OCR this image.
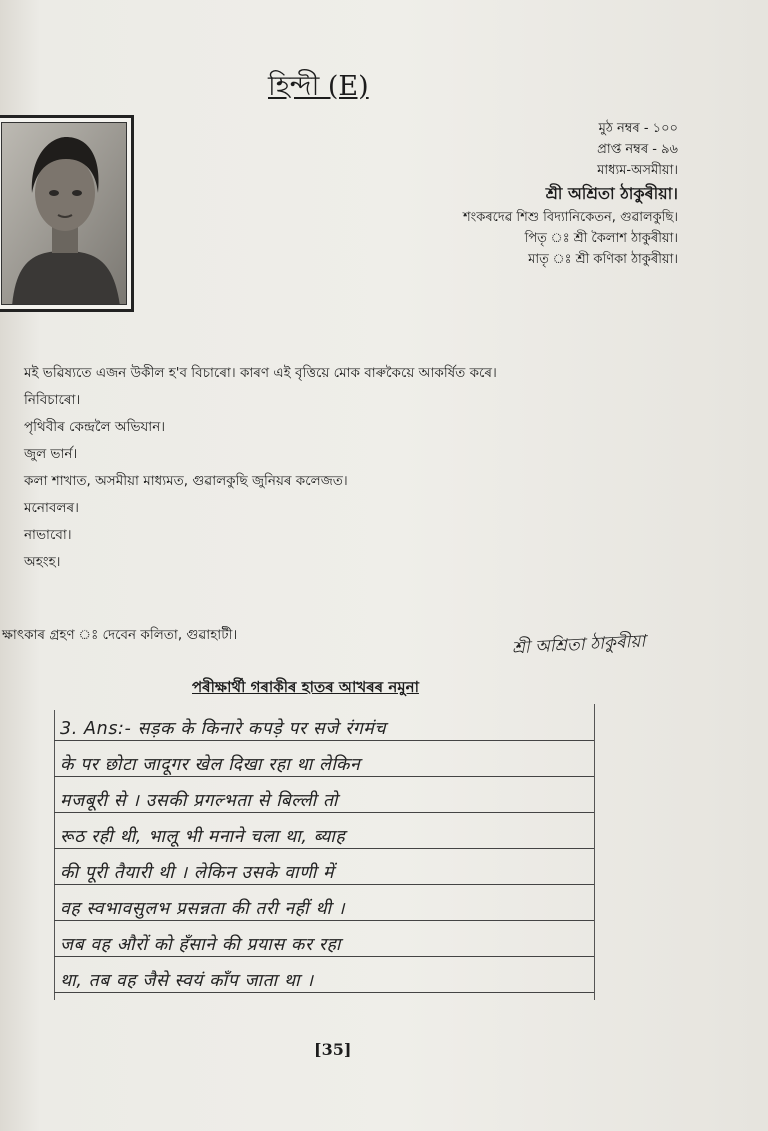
হিন্দী (E)
মুঠ নম্বৰ - ১০০
প্ৰাপ্ত নম্বৰ - ৯৬
মাধ্যম-অসমীয়া।
শ্ৰী অশ্ৰিতা ঠাকুৰীয়া।
শংকৰদেৱ শিশু বিদ্যানিকেতন, গুৱালকুছি।
পিতৃ ঃ শ্ৰী কৈলাশ ঠাকুৰীয়া।
মাতৃ ঃ শ্ৰী কণিকা ঠাকুৰীয়া।
মই ভৱিষ্যতে এজন উকীল হ'ব বিচাৰো। কাৰণ এই বৃত্তিয়ে মোক বাৰুকৈয়ে আকৰ্ষিত কৰে।
নিবিচাৰো।
পৃথিবীৰ কেন্দ্ৰলৈ অভিযান।
জুল ভাৰ্ন।
কলা শাখাত, অসমীয়া মাধ্যমত, গুৱালকুছি জুনিয়ৰ কলেজত।
মনোবলৰ।
নাভাবো।
অহংহ।
ক্ষাৎকাৰ গ্ৰহণ ঃ দেবেন কলিতা, গুৱাহাটী।	শ্ৰী অশ্ৰিতা ঠাকুৰীয়া
পৰীক্ষাৰ্থী গৰাকীৰ হাতৰ আখৰৰ নমুনা
3. Ans:- सड़क के किनारे कपड़े पर सजे रंगमंच
के पर छोटा जादूगर खेल दिखा रहा था लेकिन
मजबूरी से । उसकी प्रगल्भता से बिल्ली तो
रूठ रही थी, भालू भी मनाने चला था, ब्याह
की पूरी तैयारी थी । लेकिन उसके वाणी में
वह स्वभावसुलभ प्रसन्नता की तरी नहीं थी ।
जब वह औरों को हँसाने की प्रयास कर रहा
था, तब वह जैसे स्वयं काँप जाता था ।
[35]
